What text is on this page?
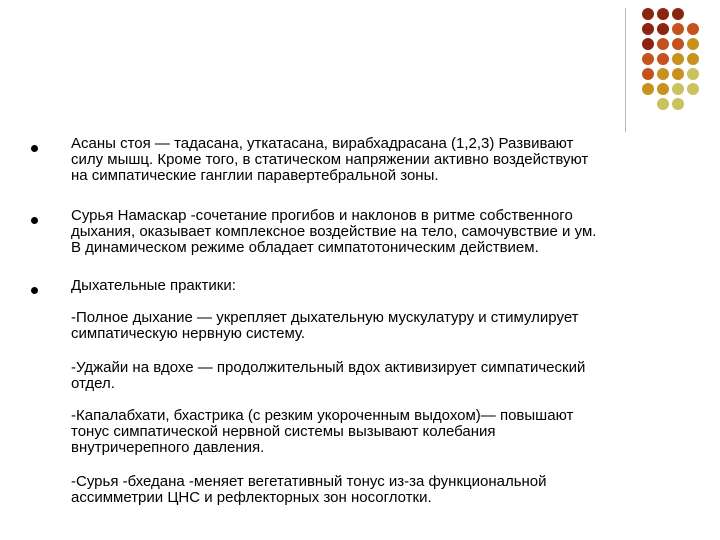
Асаны стоя — тадасана, уткатасана, вирабхадрасана (1,2,3) Развивают
силу мышц. Кроме того, в статическом напряжении активно воздействуют
на симпатические ганглии паравертебральной зоны.
Сурья Намаскар -сочетание прогибов и наклонов в ритме собственного
дыхания, оказывает комплексное воздействие на тело, самочувствие и ум.
В динамическом режиме обладает симпатотоническим действием.
Дыхательные практики:
-Полное дыхание — укрепляет дыхательную мускулатуру и стимулирует
симпатическую нервную систему.
-Уджайи на вдохе — продолжительный вдох активизирует симпатический
отдел.
-Капалабхати, бхастрика (с резким укороченным выдохом)— повышают
тонус симпатической нервной системы вызывают колебания
внутричерепного давления.
-Сурья -бхедана -меняет вегетативный тонус из-за функциональной
ассимметрии ЦНС и рефлекторных зон носоглотки.
